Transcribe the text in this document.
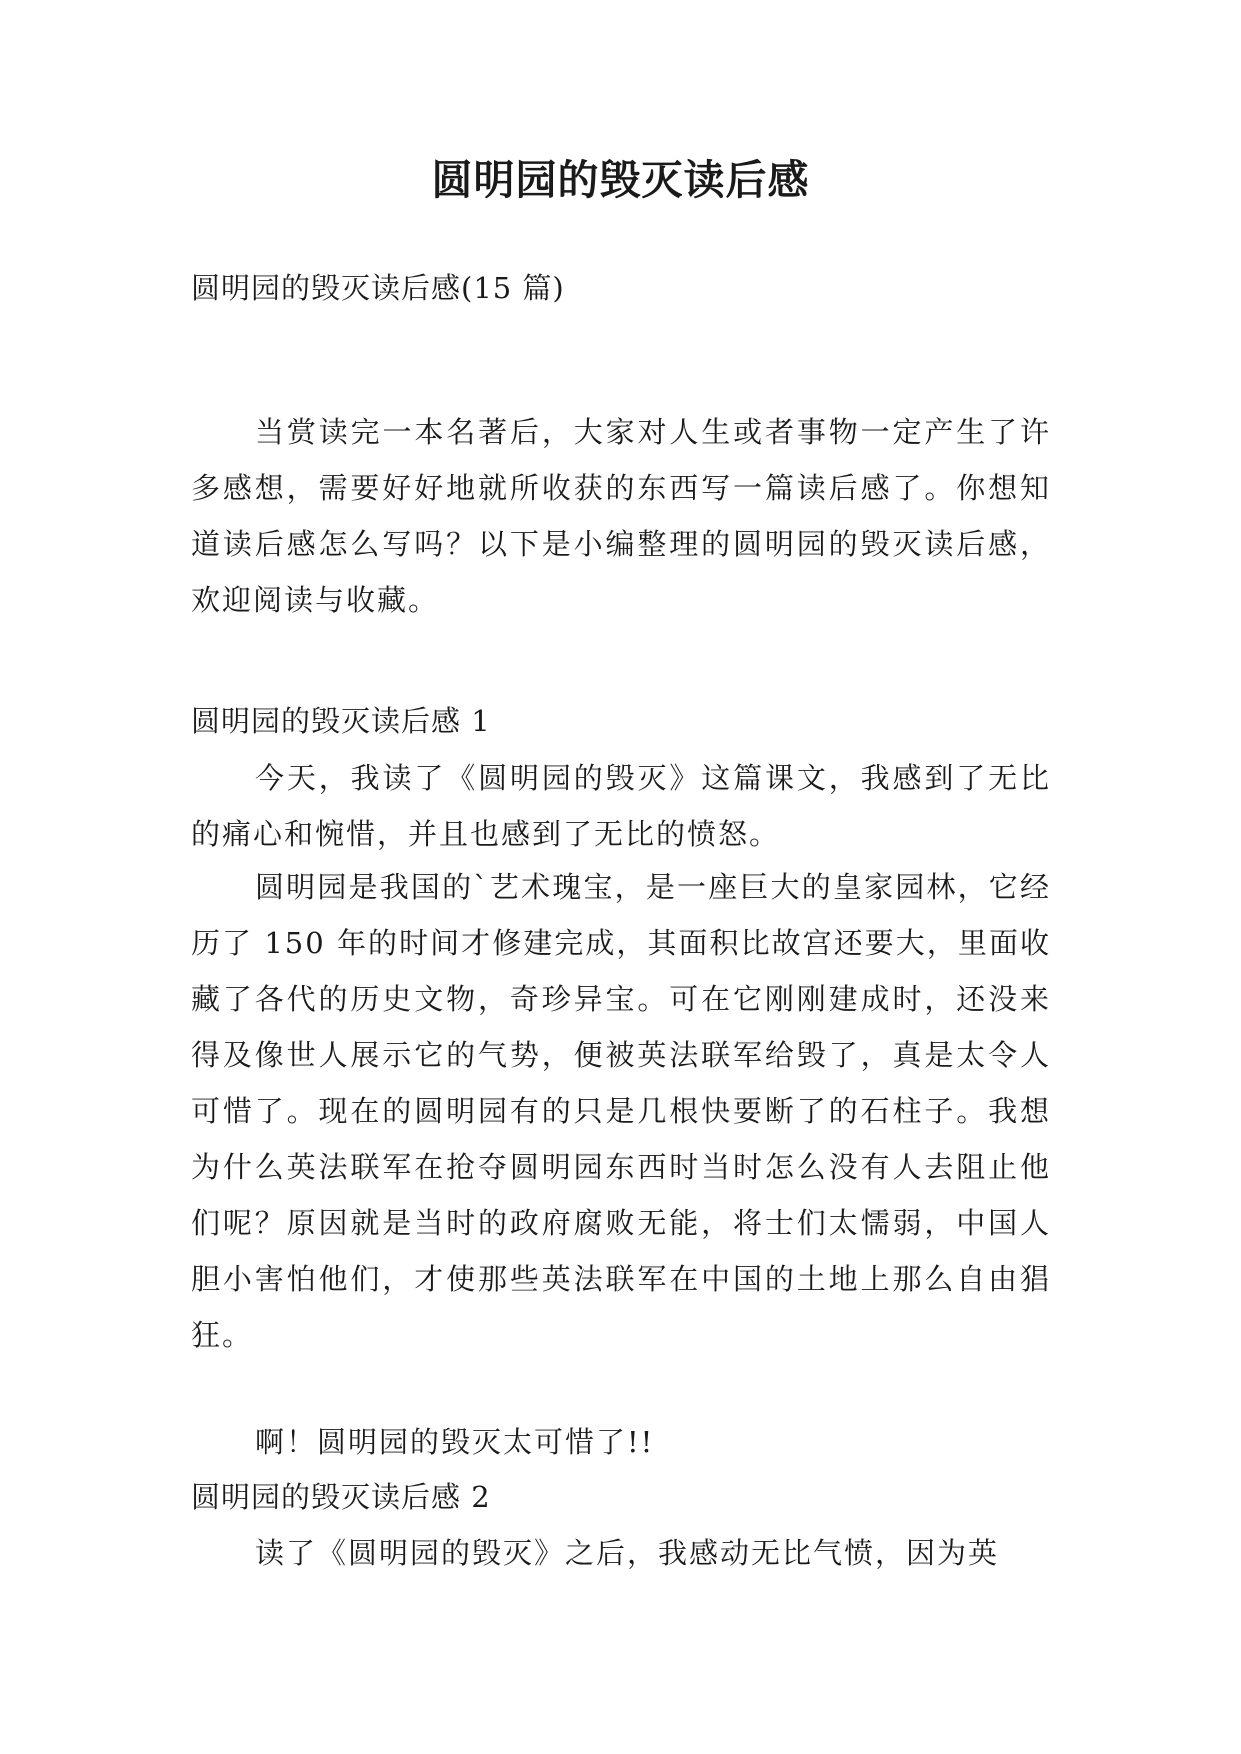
圆明园的毁灭读后感

圆明园的毁灭读后感(15 篇)

当赏读完一本名著后，大家对人生或者事物一定产生了许多感想，需要好好地就所收获的东西写一篇读后感了。你想知道读后感怎么写吗？以下是小编整理的圆明园的毁灭读后感，欢迎阅读与收藏。

圆明园的毁灭读后感 1

今天，我读了《圆明园的毁灭》这篇课文，我感到了无比的痛心和惋惜，并且也感到了无比的愤怒。

圆明园是我国的`艺术瑰宝，是一座巨大的皇家园林，它经历了 150 年的时间才修建完成，其面积比故宫还要大，里面收藏了各代的历史文物，奇珍异宝。可在它刚刚建成时，还没来得及像世人展示它的气势，便被英法联军给毁了，真是太令人可惜了。现在的圆明园有的只是几根快要断了的石柱子。我想为什么英法联军在抢夺圆明园东西时当时怎么没有人去阻止他们呢？原因就是当时的政府腐败无能，将士们太懦弱，中国人胆小害怕他们，才使那些英法联军在中国的土地上那么自由猖狂。

啊！圆明园的毁灭太可惜了!!

圆明园的毁灭读后感 2

读了《圆明园的毁灭》之后，我感动无比气愤，因为英
